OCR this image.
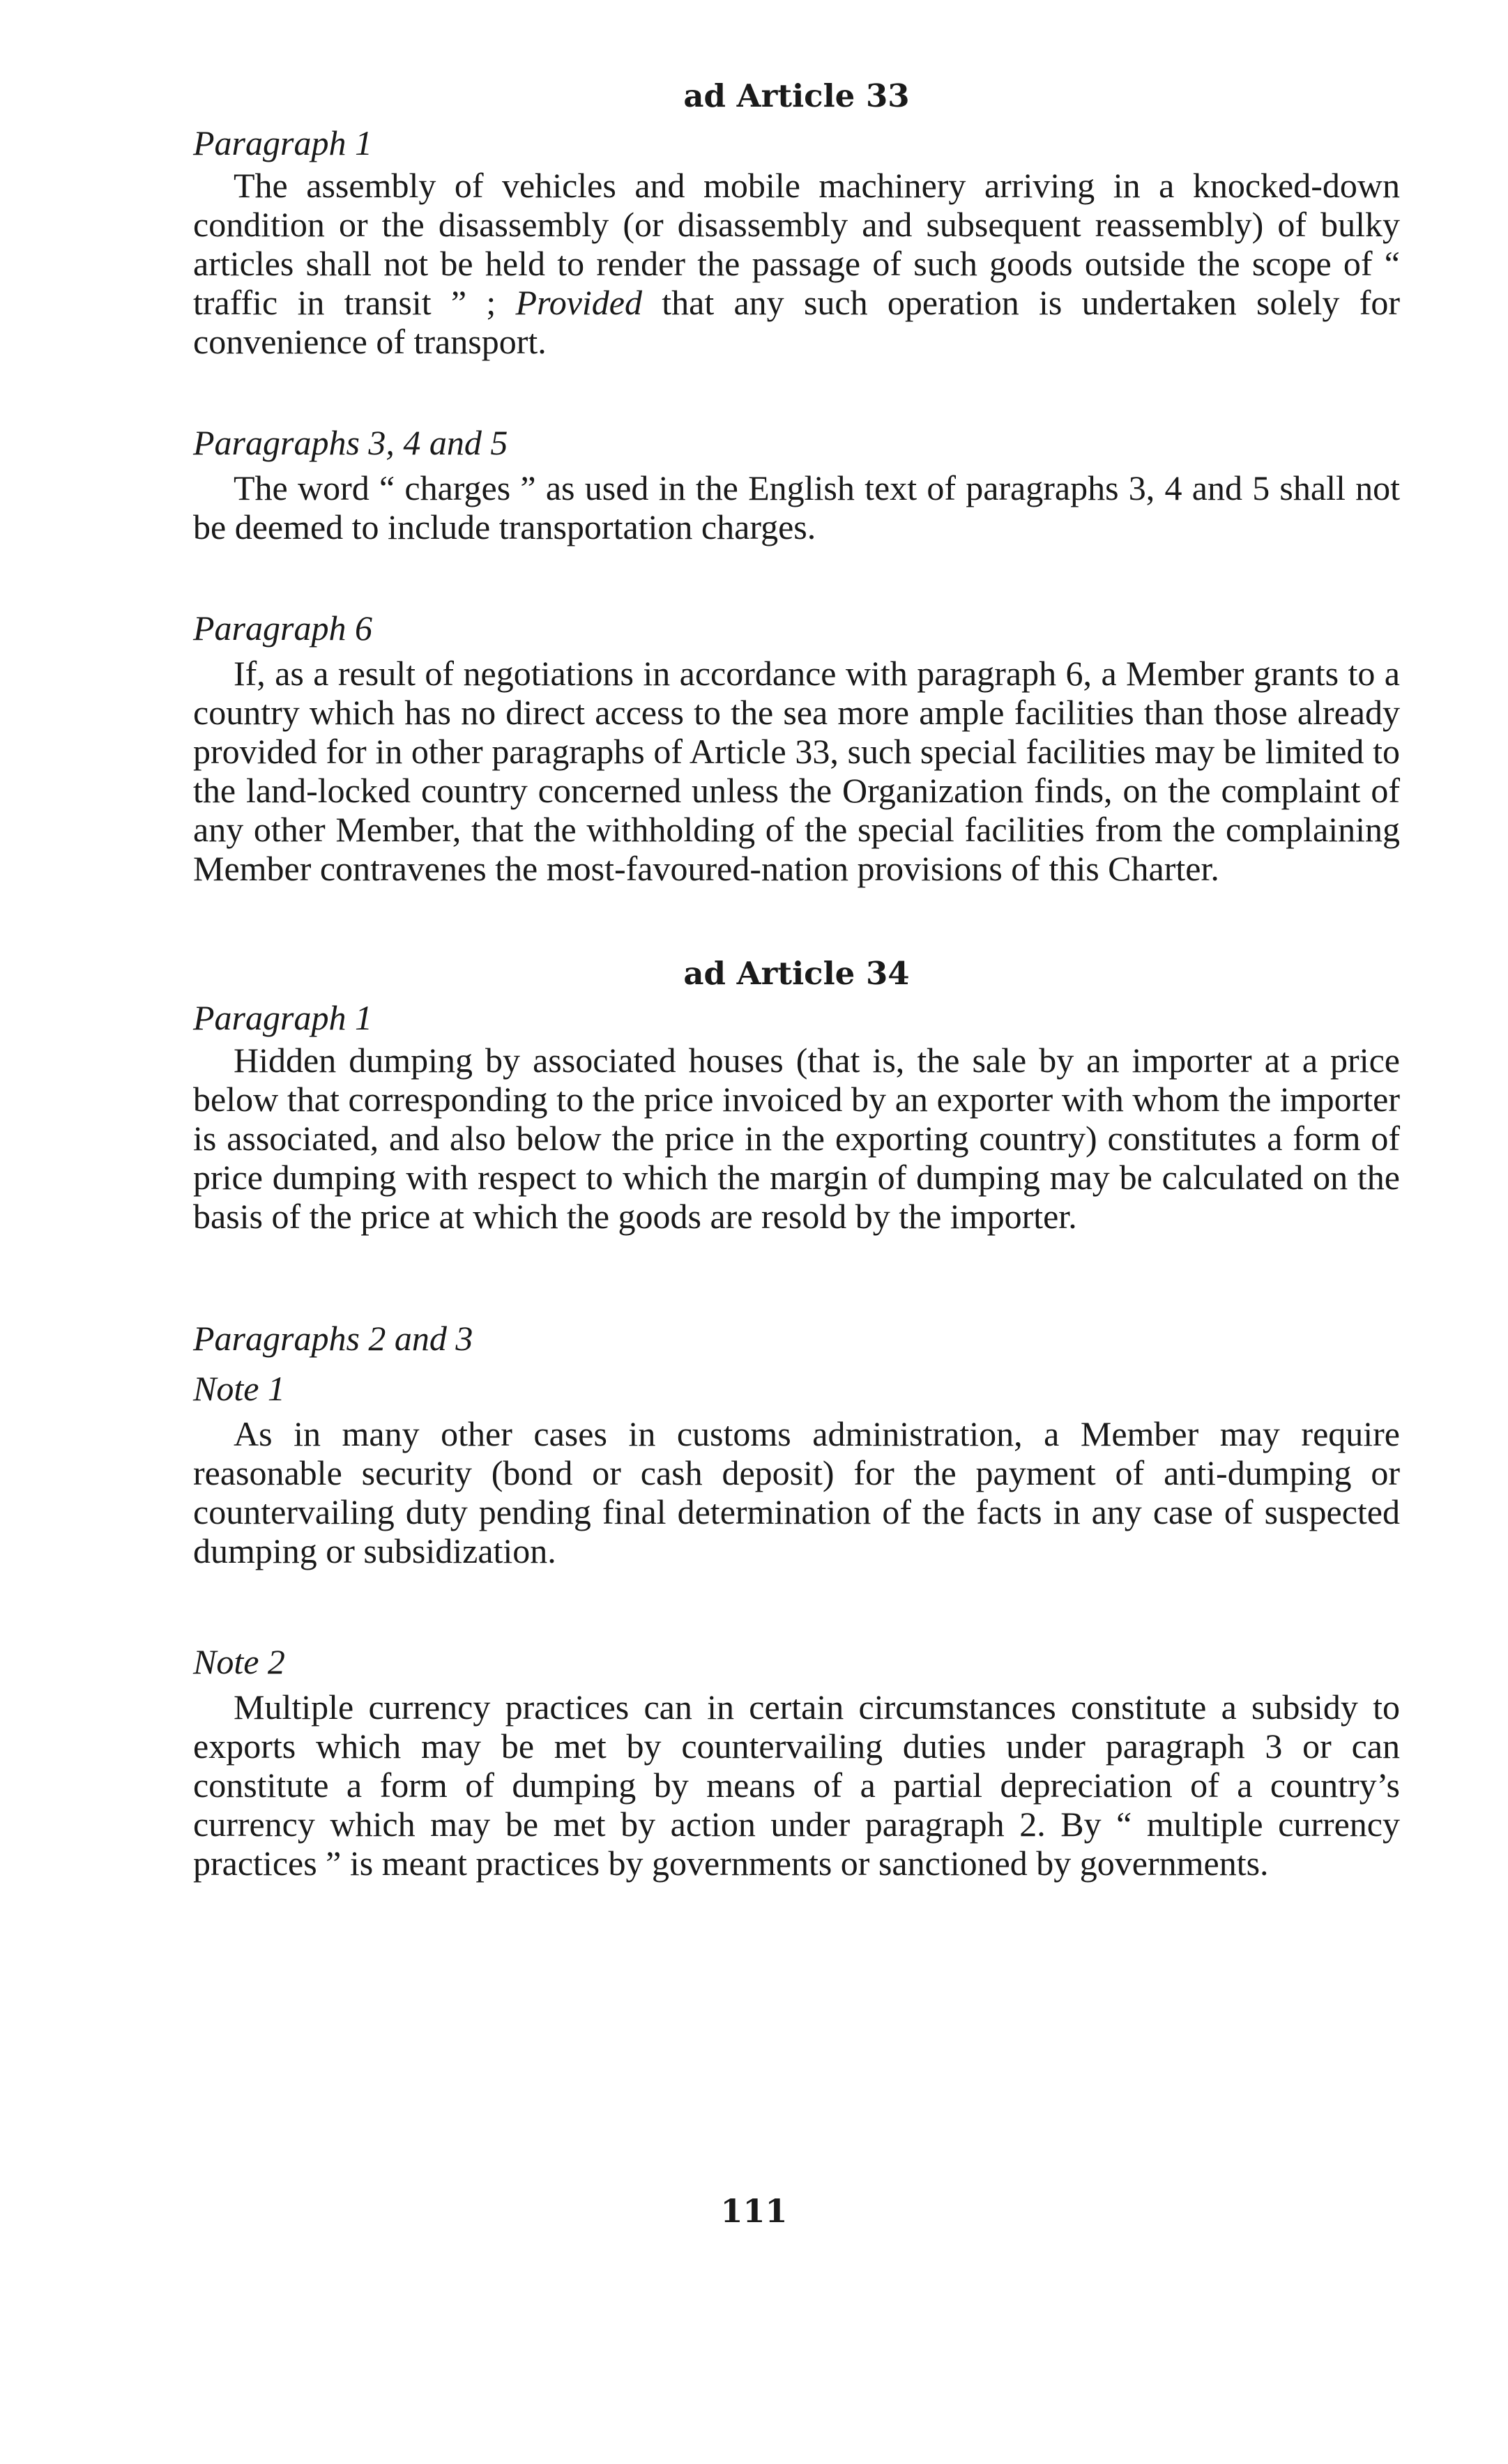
ad Article 33

Paragraph 1

The assembly of vehicles and mobile machinery arriving in a knocked-down condition or the disassembly (or disassembly and subsequent reassembly) of bulky articles shall not be held to render the passage of such goods outside the scope of “ traffic in transit ” ; Provided that any such operation is undertaken solely for convenience of transport.

Paragraphs 3, 4 and 5

The word “ charges ” as used in the English text of paragraphs 3, 4 and 5 shall not be deemed to include transportation charges.

Paragraph 6

If, as a result of negotiations in accordance with paragraph 6, a Member grants to a country which has no direct access to the sea more ample facilities than those already provided for in other paragraphs of Article 33, such special facilities may be limited to the land-locked country concerned unless the Organization finds, on the complaint of any other Member, that the withholding of the special facilities from the complaining Member contravenes the most-favoured-nation provisions of this Charter.

ad Article 34

Paragraph 1

Hidden dumping by associated houses (that is, the sale by an importer at a price below that corresponding to the price invoiced by an exporter with whom the importer is associated, and also below the price in the exporting country) constitutes a form of price dumping with respect to which the margin of dumping may be calculated on the basis of the price at which the goods are resold by the importer.

Paragraphs 2 and 3

Note 1

As in many other cases in customs administration, a Member may require reasonable security (bond or cash deposit) for the payment of anti-dumping or countervailing duty pending final determination of the facts in any case of suspected dumping or subsidization.

Note 2

Multiple currency practices can in certain circumstances constitute a subsidy to exports which may be met by countervailing duties under paragraph 3 or can constitute a form of dumping by means of a partial depreciation of a country’s currency which may be met by action under paragraph 2. By “ multiple currency practices ” is meant practices by governments or sanctioned by governments.

111
